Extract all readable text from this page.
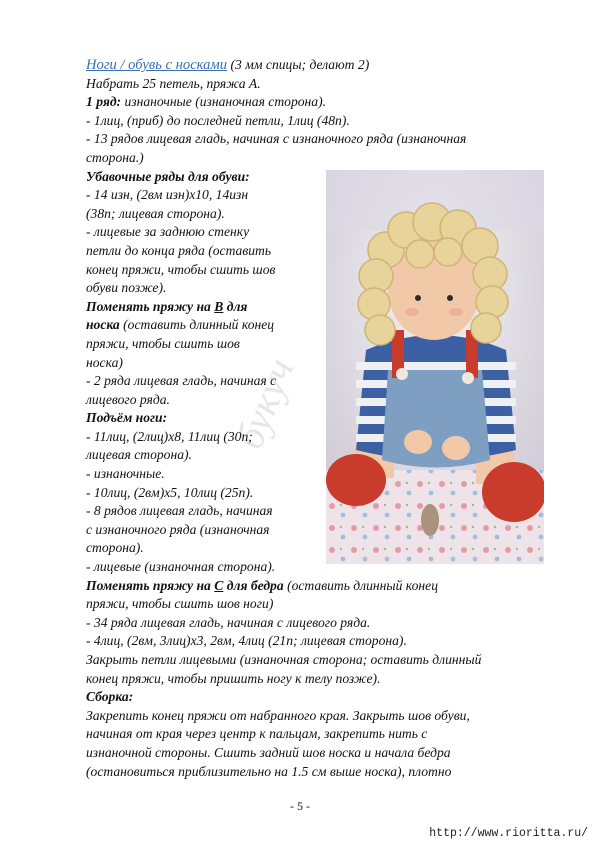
Ноги / обувь с носками (3 мм спицы; делают 2)
Набрать 25 петель, пряжа А.
1 ряд: изнаночные (изнаночная сторона).
- 1лиц, (приб) до последней петли, 1лиц (48п).
- 13 рядов лицевая гладь, начиная с изнаночного ряда (изнаночная
сторона.)
Убавочные ряды для обуви:
- 14 изн, (2вм изн)х10, 14изн
(38п; лицевая сторона).
- лицевые за заднюю стенку
петли до конца ряда (оставить
конец пряжи, чтобы сшить шов
обуви позже).
Поменять пряжу на В для
носка (оставить длинный конец
пряжи, чтобы сшить шов
носка)
- 2 ряда лицевая гладь, начиная с
лицевого ряда.
Подъём ноги:
- 11лиц, (2лиц)х8, 11лиц (30п;
лицевая сторона).
- изнаночные.
- 10лиц, (2вм)х5, 10лиц (25п).
- 8 рядов лицевая гладь, начиная
с изнаночного ряда (изнаночная
сторона).
- лицевые (изнаночная сторона).
Поменять пряжу на С для бедра (оставить длинный конец
пряжи, чтобы сшить шов ноги)
- 34 ряда лицевая гладь, начиная с лицевого ряда.
- 4лиц, (2вм, 3лиц)х3, 2вм, 4лиц (21п; лицевая сторона).
Закрыть петли лицевыми (изнаночная сторона; оставить длинный
конец пряжи, чтобы пришить ногу к телу позже).
Сборка:
Закрепить конец пряжи от набранного края. Закрыть шов обуви,
начиная от края через центр к пальцам, закрепить нить с
изнаночной стороны. Сшить задний шов носка и начала бедра
(остановиться приблизительно на 1.5 см выше носка), плотно
букуч
- 5 -
http://www.rioritta.ru/
